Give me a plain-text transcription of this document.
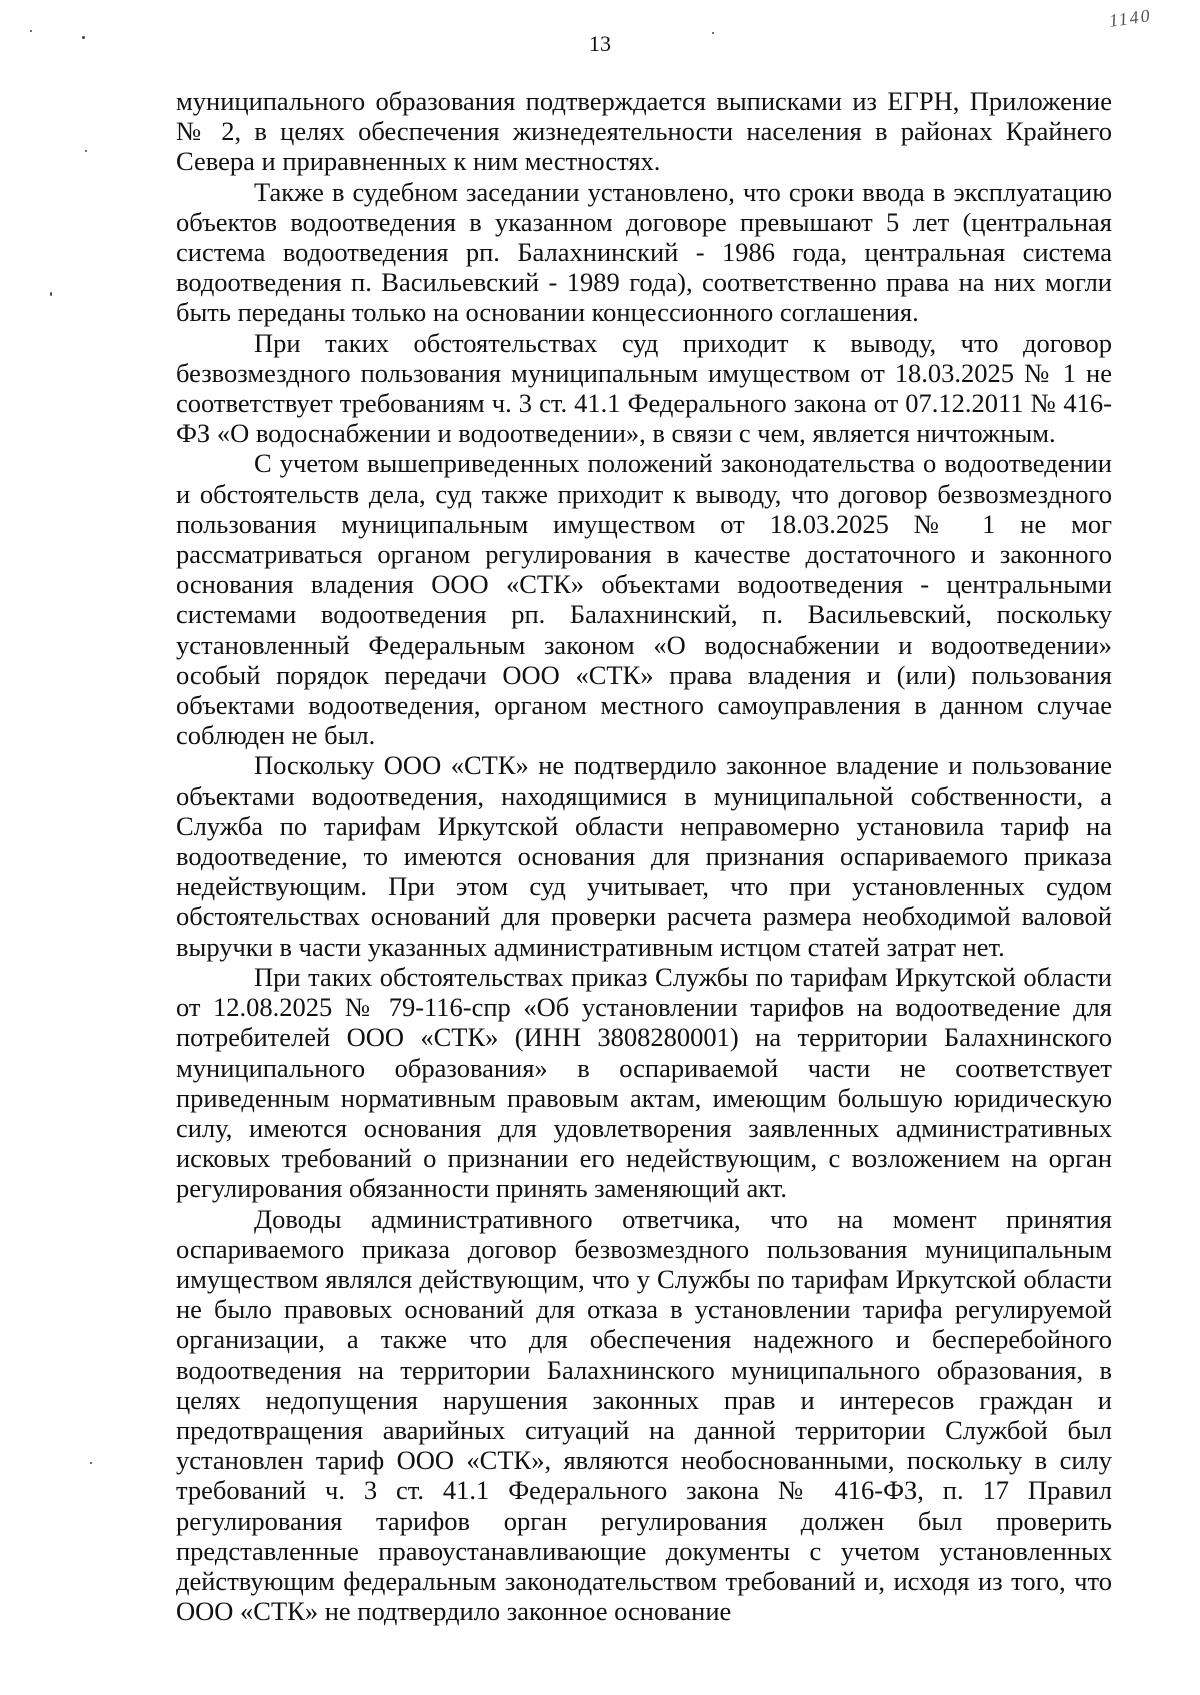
1140
13

муниципального образования подтверждается выписками из ЕГРН, Приложение № 2, в целях обеспечения жизнедеятельности населения в районах Крайнего Севера и приравненных к ним местностях.

Также в судебном заседании установлено, что сроки ввода в эксплуатацию объектов водоотведения в указанном договоре превышают 5 лет (центральная система водоотведения рп. Балахнинский - 1986 года, центральная система водоотведения п. Васильевский - 1989 года), соответственно права на них могли быть переданы только на основании концессионного соглашения.

При таких обстоятельствах суд приходит к выводу, что договор безвозмездного пользования муниципальным имуществом от 18.03.2025 № 1 не соответствует требованиям ч. 3 ст. 41.1 Федерального закона от 07.12.2011 № 416-ФЗ «О водоснабжении и водоотведении», в связи с чем, является ничтожным.

С учетом вышеприведенных положений законодательства о водоотведении и обстоятельств дела, суд также приходит к выводу, что договор безвозмездного пользования муниципальным имуществом от 18.03.2025 № 1 не мог рассматриваться органом регулирования в качестве достаточного и законного основания владения ООО «СТК» объектами водоотведения - центральными системами водоотведения рп. Балахнинский, п. Васильевский, поскольку установленный Федеральным законом «О водоснабжении и водоотведении» особый порядок передачи ООО «СТК» права владения и (или) пользования объектами водоотведения, органом местного самоуправления в данном случае соблюден не был.

Поскольку ООО «СТК» не подтвердило законное владение и пользование объектами водоотведения, находящимися в муниципальной собственности, а Служба по тарифам Иркутской области неправомерно установила тариф на водоотведение, то имеются основания для признания оспариваемого приказа недействующим. При этом суд учитывает, что при установленных судом обстоятельствах оснований для проверки расчета размера необходимой валовой выручки в части указанных административным истцом статей затрат нет.

При таких обстоятельствах приказ Службы по тарифам Иркутской области от 12.08.2025 № 79-116-спр «Об установлении тарифов на водоотведение для потребителей ООО «СТК» (ИНН 3808280001) на территории Балахнинского муниципального образования» в оспариваемой части не соответствует приведенным нормативным правовым актам, имеющим большую юридическую силу, имеются основания для удовлетворения заявленных административных исковых требований о признании его недействующим, с возложением на орган регулирования обязанности принять заменяющий акт.

Доводы административного ответчика, что на момент принятия оспариваемого приказа договор безвозмездного пользования муниципальным имуществом являлся действующим, что у Службы по тарифам Иркутской области не было правовых оснований для отказа в установлении тарифа регулируемой организации, а также что для обеспечения надежного и бесперебойного водоотведения на территории Балахнинского муниципального образования, в целях недопущения нарушения законных прав и интересов граждан и предотвращения аварийных ситуаций на данной территории Службой был установлен тариф ООО «СТК», являются необоснованными, поскольку в силу требований ч. 3 ст. 41.1 Федерального закона № 416-ФЗ, п. 17 Правил регулирования тарифов орган регулирования должен был проверить представленные правоустанавливающие документы с учетом установленных действующим федеральным законодательством требований и, исходя из того, что ООО «СТК» не подтвердило законное основание
